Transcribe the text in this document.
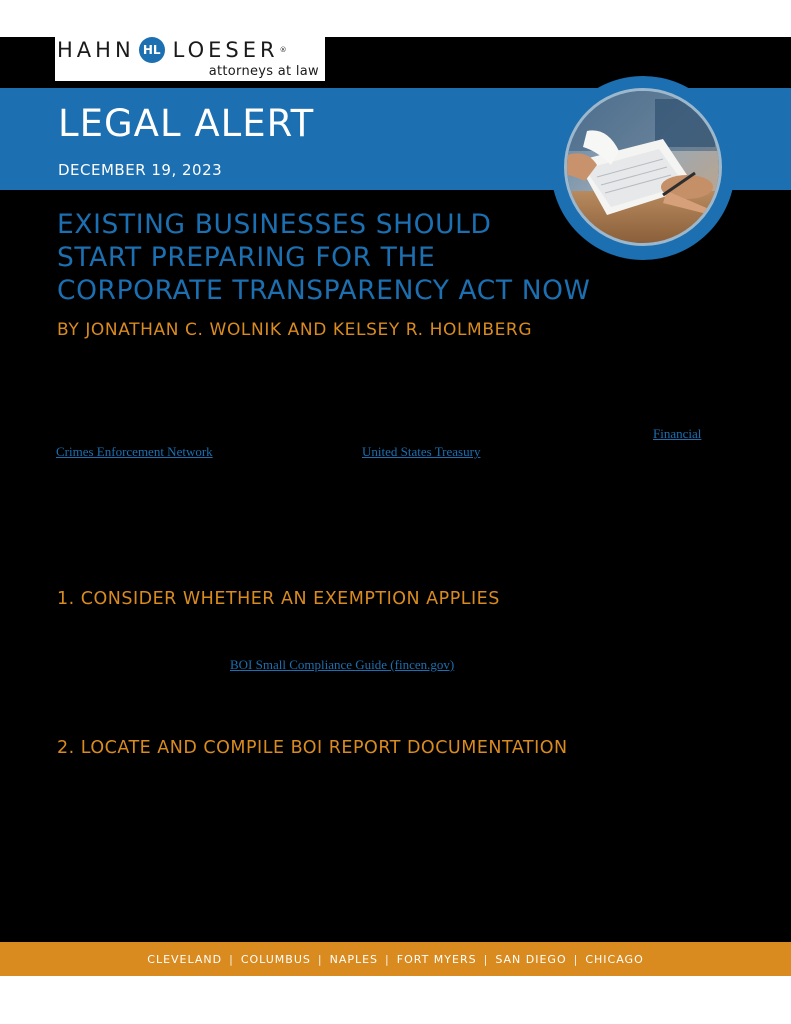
HAHN HL LOESER ®
attorneys at law
LEGAL ALERT
DECEMBER 19, 2023
EXISTING BUSINESSES SHOULD
START PREPARING FOR THE
CORPORATE TRANSPARENCY ACT NOW
BY JONATHAN C. WOLNIK AND KELSEY R. HOLMBERG
Financial
Crimes Enforcement Network	United States Treasury
1. CONSIDER WHETHER AN EXEMPTION APPLIES
BOI Small Compliance Guide (fincen.gov)
2. LOCATE AND COMPILE BOI REPORT DOCUMENTATION
CLEVELAND | COLUMBUS | NAPLES | FORT MYERS | SAN DIEGO | CHICAGO
